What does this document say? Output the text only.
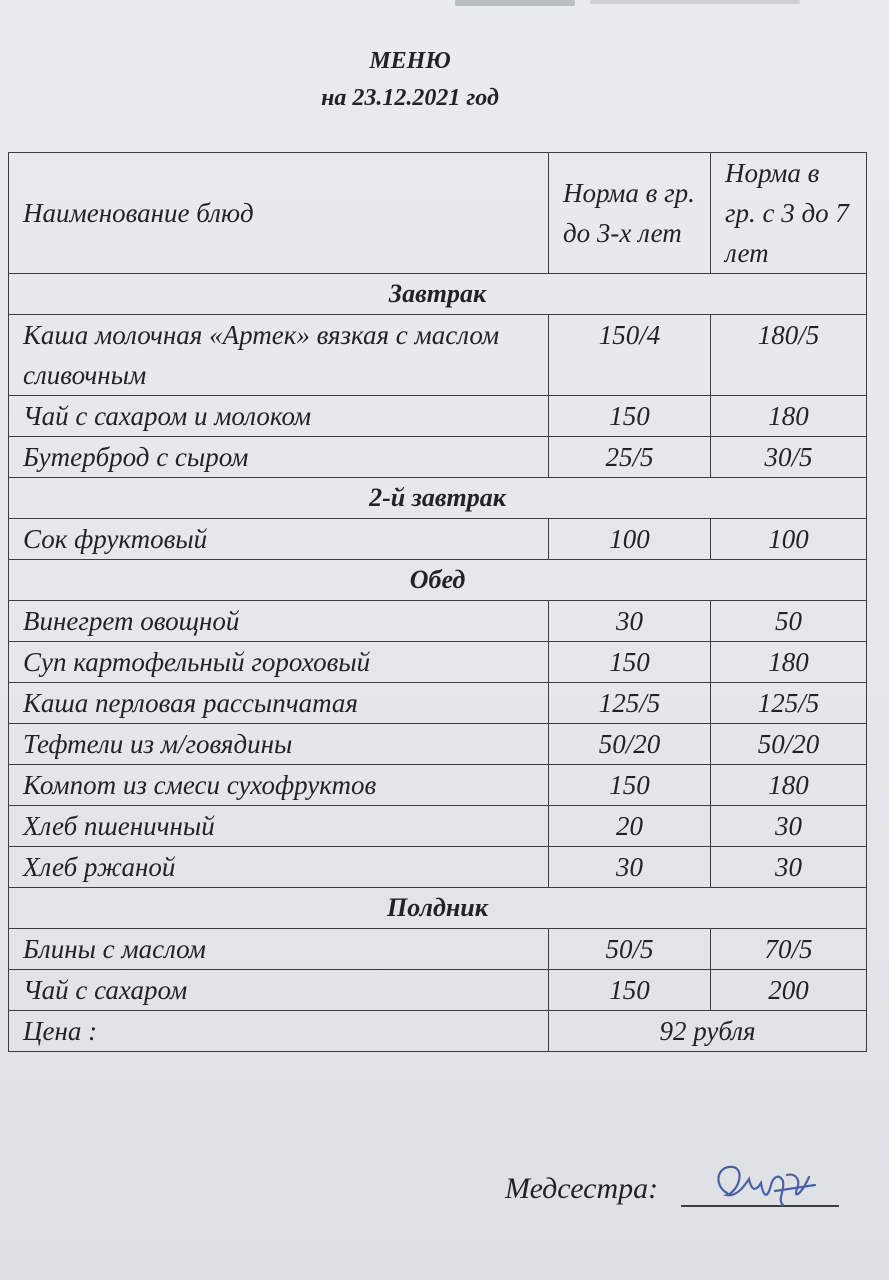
МЕНЮ
на 23.12.2021 год
Наименование блюд	Норма в гр. до 3-х лет	Норма в гр. с 3 до 7 лет
Завтрак		
Каша молочная «Артек» вязкая с маслом сливочным	150/4	180/5
Чай с сахаром и молоком	150	180
Бутерброд с сыром	25/5	30/5
2-й завтрак		
Сок фруктовый	100	100
Обед		
Винегрет овощной	30	50
Суп картофельный гороховый	150	180
Каша перловая рассыпчатая	125/5	125/5
Тефтели из м/говядины	50/20	50/20
Компот из смеси сухофруктов	150	180
Хлеб пшеничный	20	30
Хлеб ржаной	30	30
Полдник		
Блины с маслом	50/5	70/5
Чай с сахаром	150	200
Цена :	92 рубля	
Медсестра:
